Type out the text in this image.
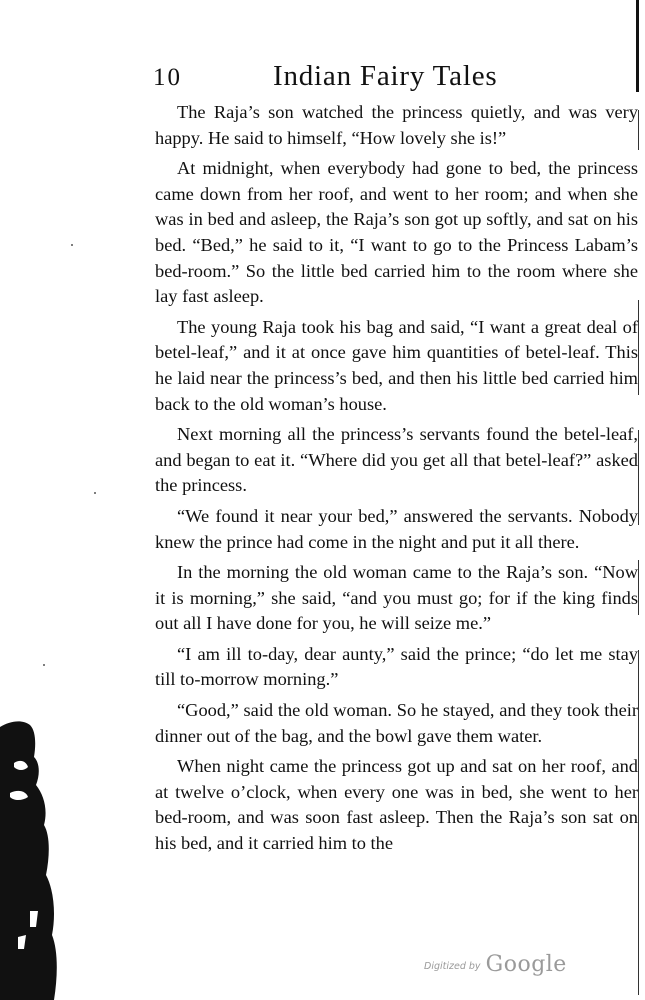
10	Indian Fairy Tales

The Raja’s son watched the princess quietly, and was very happy. He said to himself, “How lovely she is!”

At midnight, when everybody had gone to bed, the princess came down from her roof, and went to her room; and when she was in bed and asleep, the Raja’s son got up softly, and sat on his bed. “Bed,” he said to it, “I want to go to the Princess Labam’s bed-room.” So the little bed carried him to the room where she lay fast asleep.

The young Raja took his bag and said, “I want a great deal of betel-leaf,” and it at once gave him quantities of betel-leaf. This he laid near the princess’s bed, and then his little bed carried him back to the old woman’s house.

Next morning all the princess’s servants found the betel-leaf, and began to eat it. “Where did you get all that betel-leaf?” asked the princess.

“We found it near your bed,” answered the servants. Nobody knew the prince had come in the night and put it all there.

In the morning the old woman came to the Raja’s son. “Now it is morning,” she said, “and you must go; for if the king finds out all I have done for you, he will seize me.”

“I am ill to-day, dear aunty,” said the prince; “do let me stay till to-morrow morning.”

“Good,” said the old woman. So he stayed, and they took their dinner out of the bag, and the bowl gave them water.

When night came the princess got up and sat on her roof, and at twelve o’clock, when every one was in bed, she went to her bed-room, and was soon fast asleep. Then the Raja’s son sat on his bed, and it carried him to the

Digitized by Google
